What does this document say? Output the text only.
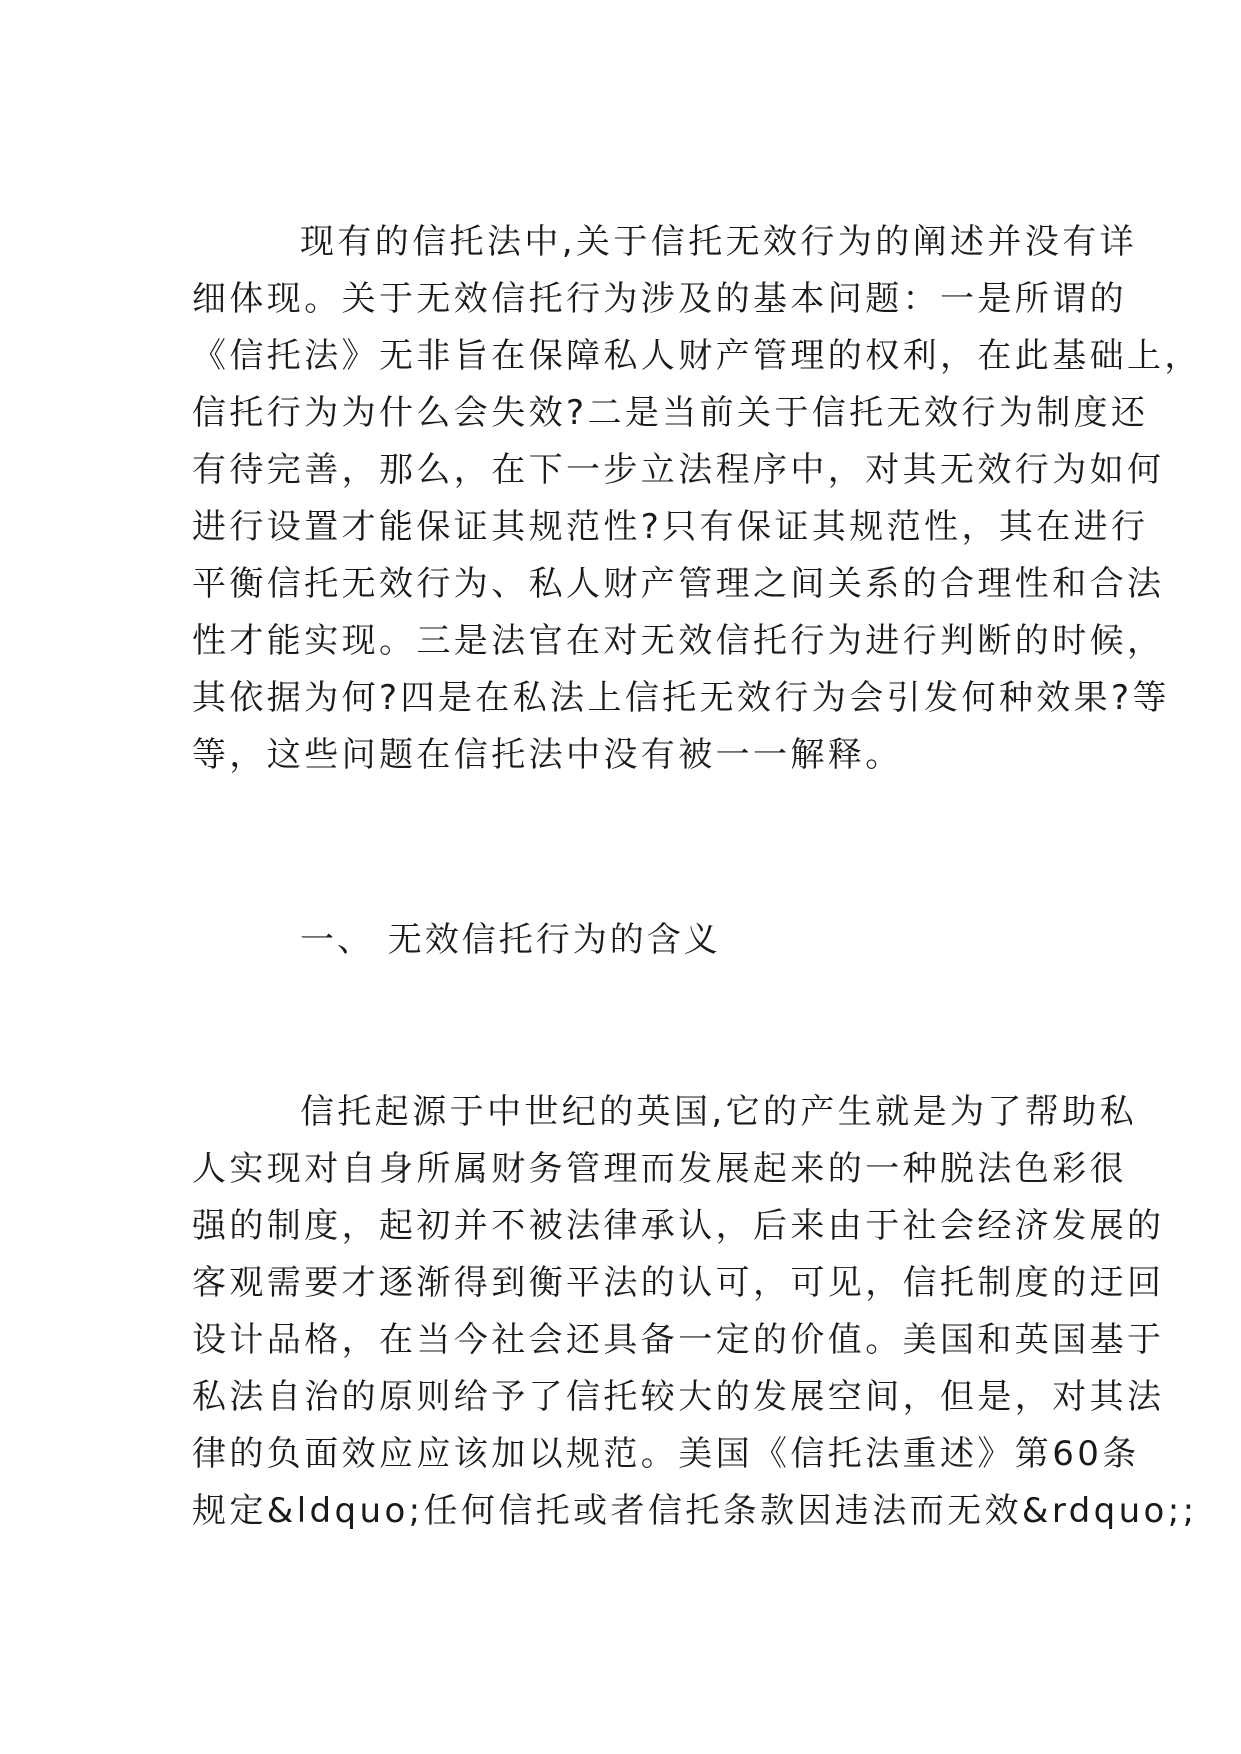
现有的信托法中,关于信托无效行为的阐述并没有详
细体现。关于无效信托行为涉及的基本问题：一是所谓的
《信托法》无非旨在保障私人财产管理的权利，在此基础上，
信托行为为什么会失效?二是当前关于信托无效行为制度还
有待完善，那么，在下一步立法程序中，对其无效行为如何
进行设置才能保证其规范性?只有保证其规范性，其在进行
平衡信托无效行为、私人财产管理之间关系的合理性和合法
性才能实现。三是法官在对无效信托行为进行判断的时候，
其依据为何?四是在私法上信托无效行为会引发何种效果?等
等，这些问题在信托法中没有被一一解释。
一、 无效信托行为的含义
信托起源于中世纪的英国,它的产生就是为了帮助私
人实现对自身所属财务管理而发展起来的一种脱法色彩很
强的制度，起初并不被法律承认，后来由于社会经济发展的
客观需要才逐渐得到衡平法的认可，可见，信托制度的迂回
设计品格，在当今社会还具备一定的价值。美国和英国基于
私法自治的原则给予了信托较大的发展空间，但是，对其法
律的负面效应应该加以规范。美国《信托法重述》第60条
规定&ldquo;任何信托或者信托条款因违法而无效&rdquo;;
